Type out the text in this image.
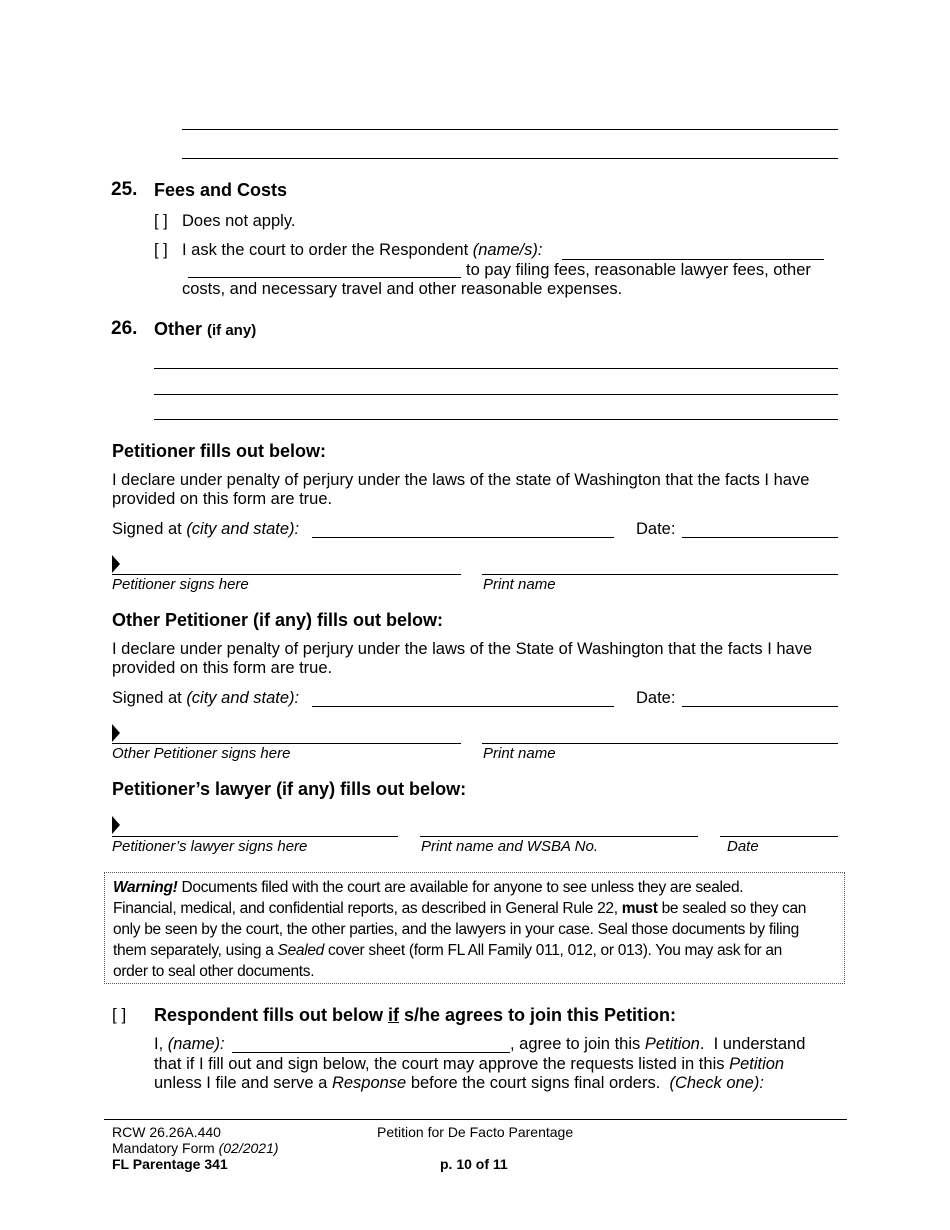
25. Fees and Costs
[ ] Does not apply.
[ ] I ask the court to order the Respondent (name/s):
to pay filing fees, reasonable lawyer fees, other
costs, and necessary travel and other reasonable expenses.
26. Other (if any)
Petitioner fills out below:
I declare under penalty of perjury under the laws of the state of Washington that the facts I have
provided on this form are true.
Signed at (city and state):	Date:
Petitioner signs here	Print name
Other Petitioner (if any) fills out below:
I declare under penalty of perjury under the laws of the State of Washington that the facts I have
provided on this form are true.
Signed at (city and state):	Date:
Other Petitioner signs here	Print name
Petitioner’s lawyer (if any) fills out below:
Petitioner’s lawyer signs here	Print name and WSBA No.	Date
Warning! Documents filed with the court are available for anyone to see unless they are sealed.
Financial, medical, and confidential reports, as described in General Rule 22, must be sealed so they can
only be seen by the court, the other parties, and the lawyers in your case. Seal those documents by filing
them separately, using a Sealed cover sheet (form FL All Family 011, 012, or 013). You may ask for an
order to seal other documents.
[ ] Respondent fills out below if s/he agrees to join this Petition:
I, (name):	, agree to join this Petition.  I understand
that if I fill out and sign below, the court may approve the requests listed in this Petition
unless I file and serve a Response before the court signs final orders.  (Check one):
RCW 26.26A.440
Mandatory Form (02/2021)
FL Parentage 341
Petition for De Facto Parentage
p. 10 of 11
